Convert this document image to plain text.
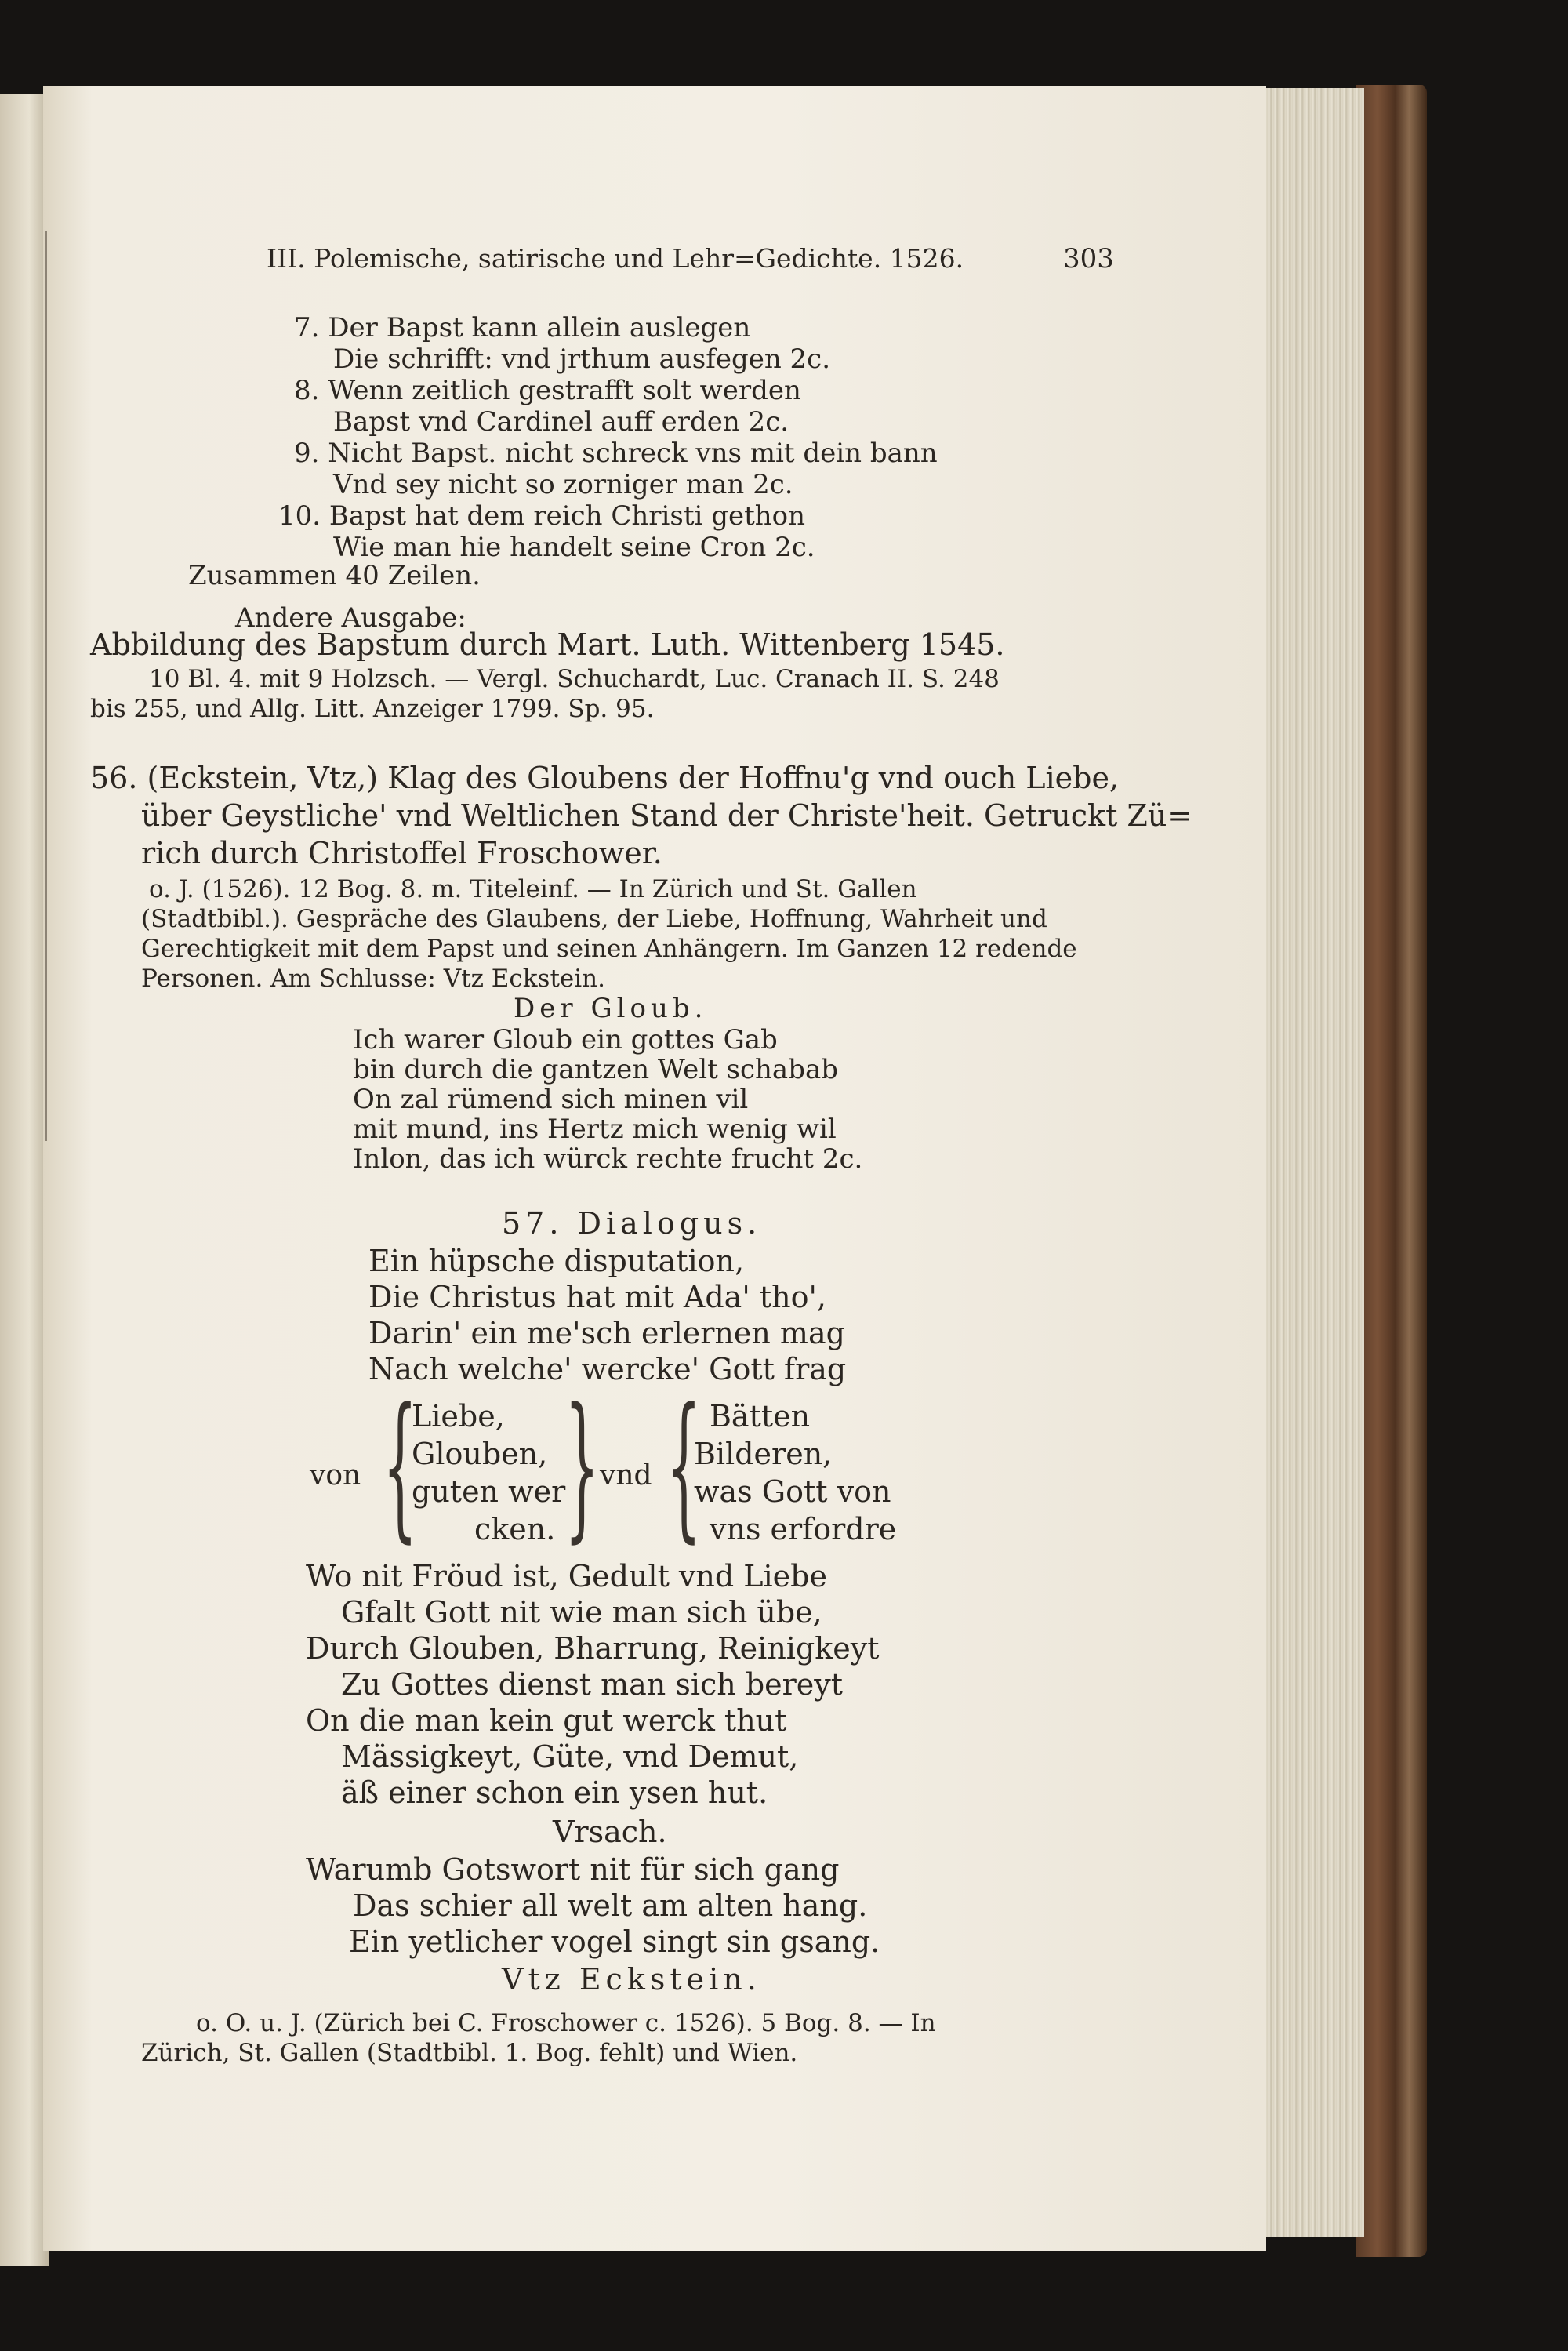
III. Polemische, satirische und Lehr=Gedichte. 1526.	303
7. Der Bapst kann allein auslegen
Die schrifft: vnd jrthum ausfegen 2c.
8. Wenn zeitlich gestrafft solt werden
Bapst vnd Cardinel auff erden 2c.
9. Nicht Bapst. nicht schreck vns mit dein bann
Vnd sey nicht so zorniger man 2c.
10. Bapst hat dem reich Christi gethon
Wie man hie handelt seine Cron 2c.
Zusammen 40 Zeilen.
Andere Ausgabe:
Abbildung des Bapstum durch Mart. Luth. Wittenberg 1545.
10 Bl. 4. mit 9 Holzsch. — Vergl. Schuchardt, Luc. Cranach II. S. 248
bis 255, und Allg. Litt. Anzeiger 1799. Sp. 95.
56. (Eckstein, Vtz,) Klag des Gloubens der Hoffnu'g vnd ouch Liebe,
über Geystliche' vnd Weltlichen Stand der Christe'heit. Getruckt Zü=
rich durch Christoffel Froschower.
o. J. (1526). 12 Bog. 8. m. Titeleinf. — In Zürich und St. Gallen
(Stadtbibl.). Gespräche des Glaubens, der Liebe, Hoffnung, Wahrheit und
Gerechtigkeit mit dem Papst und seinen Anhängern. Im Ganzen 12 redende
Personen. Am Schlusse: Vtz Eckstein.
Der Gloub.
Ich warer Gloub ein gottes Gab
bin durch die gantzen Welt schabab
On zal rümend sich minen vil
mit mund, ins Hertz mich wenig wil
Inlon, das ich würck rechte frucht 2c.
57. Dialogus.
Ein hüpsche disputation,
Die Christus hat mit Ada' tho',
Darin' ein me'sch erlernen mag
Nach welche' wercke' Gott frag
von {
Liebe,
Glouben,
guten wer
cken. } vnd { Bätten
Bilderen,
was Gott von
vns erfordre
Wo nit Fröud ist, Gedult vnd Liebe
Gfalt Gott nit wie man sich übe,
Durch Glouben, Bharrung, Reinigkeyt
Zu Gottes dienst man sich bereyt
On die man kein gut werck thut
Mässigkeyt, Güte, vnd Demut,
äß einer schon ein ysen hut.
Vrsach.
Warumb Gotswort nit für sich gang
Das schier all welt am alten hang.
Ein yetlicher vogel singt sin gsang.
Vtz Eckstein.
o. O. u. J. (Zürich bei C. Froschower c. 1526). 5 Bog. 8. — In
Zürich, St. Gallen (Stadtbibl. 1. Bog. fehlt) und Wien.
